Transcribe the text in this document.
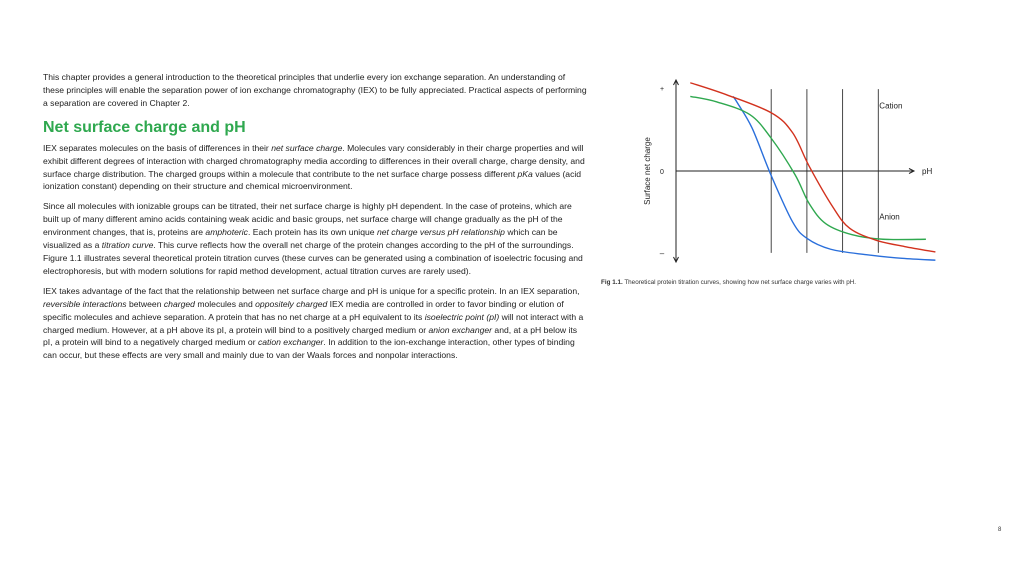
This chapter provides a general introduction to the theoretical principles that underlie every ion exchange separation. An understanding of these principles will enable the separation power of ion exchange chromatography (IEX) to be fully appreciated. Practical aspects of performing a separation are covered in Chapter 2.

Net surface charge and pH

IEX separates molecules on the basis of differences in their net surface charge. Molecules vary considerably in their charge properties and will exhibit different degrees of interaction with charged chromatography media according to differences in their overall charge, charge density, and surface charge distribution. The charged groups within a molecule that contribute to the net surface charge possess different pKa values (acid ionization constant) depending on their structure and chemical microenvironment.

Since all molecules with ionizable groups can be titrated, their net surface charge is highly pH dependent. In the case of proteins, which are built up of many different amino acids containing weak acidic and basic groups, net surface charge will change gradually as the pH of the environment changes, that is, proteins are amphoteric. Each protein has its own unique net charge versus pH relationship which can be visualized as a titration curve. This curve reflects how the overall net charge of the protein changes according to the pH of the surroundings. Figure 1.1 illustrates several theoretical protein titration curves (these curves can be generated using a combination of isoelectric focusing and electrophoresis, but with modern solutions for rapid method development, actual titration curves are rarely used).

IEX takes advantage of the fact that the relationship between net surface charge and pH is unique for a specific protein. In an IEX separation, reversible interactions between charged molecules and oppositely charged IEX media are controlled in order to favor binding or elution of specific molecules and achieve separation. A protein that has no net charge at a pH equivalent to its isoelectric point (pI) will not interact with a charged medium. However, at a pH above its pI, a protein will bind to a positively charged medium or anion exchanger and, at a pH below its pI, a protein will bind to a negatively charged medium or cation exchanger. In addition to the ion-exchange interaction, other types of binding can occur, but these effects are very small and mainly due to van der Waals forces and nonpolar interactions.

+
0
–
pH
Surface net charge
Cation
Anion
Fig 1.1. Theoretical protein titration curves, showing how net surface charge varies with pH.
8
